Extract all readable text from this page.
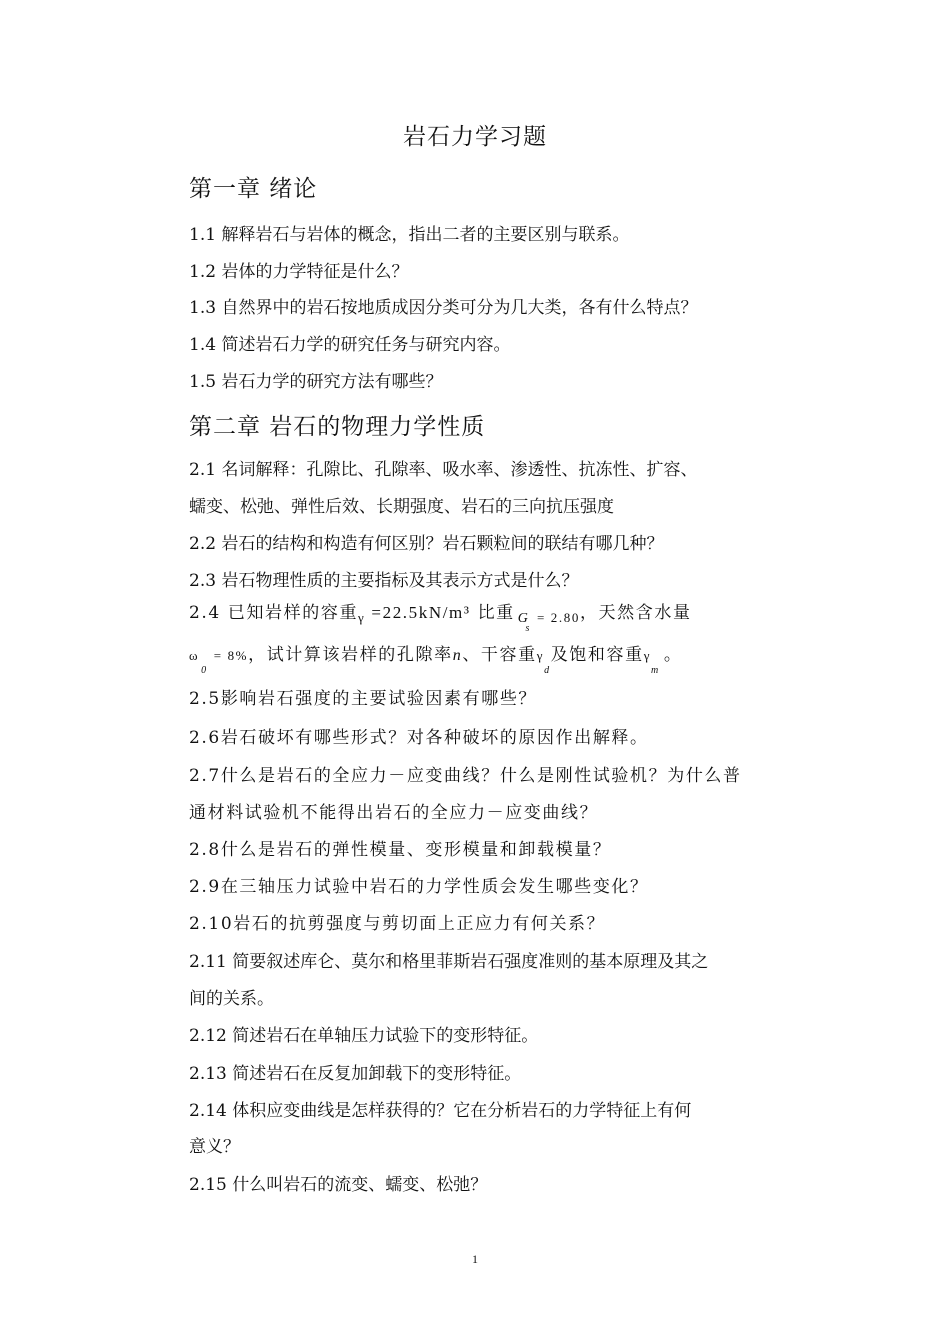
岩石力学习题
第一章 绪论
1.1 解释岩石与岩体的概念，指出二者的主要区别与联系。
1.2 岩体的力学特征是什么？
1.3 自然界中的岩石按地质成因分类可分为几大类，各有什么特点？
1.4 简述岩石力学的研究任务与研究内容。
1.5 岩石力学的研究方法有哪些？
第二章 岩石的物理力学性质
2.1 名词解释：孔隙比、孔隙率、吸水率、渗透性、抗冻性、扩容、
蠕变、松弛、弹性后效、长期强度、岩石的三向抗压强度
2.2 岩石的结构和构造有何区别？岩石颗粒间的联结有哪几种？
2.3 岩石物理性质的主要指标及其表示方式是什么？
2.4 已知岩样的容重$_\gamma$ =22.5kN/m³ 比重 $_{Gs= 2.80}$，天然含水量
$\omega_0= 8\%$，试计算该岩样的孔隙率n、干容重$\gamma_d$及饱和容重$\gamma_m$。
2.5影响岩石强度的主要试验因素有哪些？
2.6岩石破坏有哪些形式？对各种破坏的原因作出解释。
2.7什么是岩石的全应力－应变曲线？什么是刚性试验机？为什么普
通材料试验机不能得出岩石的全应力－应变曲线？
2.8什么是岩石的弹性模量、变形模量和卸载模量？
2.9在三轴压力试验中岩石的力学性质会发生哪些变化？
2.10岩石的抗剪强度与剪切面上正应力有何关系？
2.11 简要叙述库仑、莫尔和格里菲斯岩石强度准则的基本原理及其之
间的关系。
2.12 简述岩石在单轴压力试验下的变形特征。
2.13 简述岩石在反复加卸载下的变形特征。
2.14 体积应变曲线是怎样获得的？它在分析岩石的力学特征上有何
意义？
2.15 什么叫岩石的流变、蠕变、松弛？
1
